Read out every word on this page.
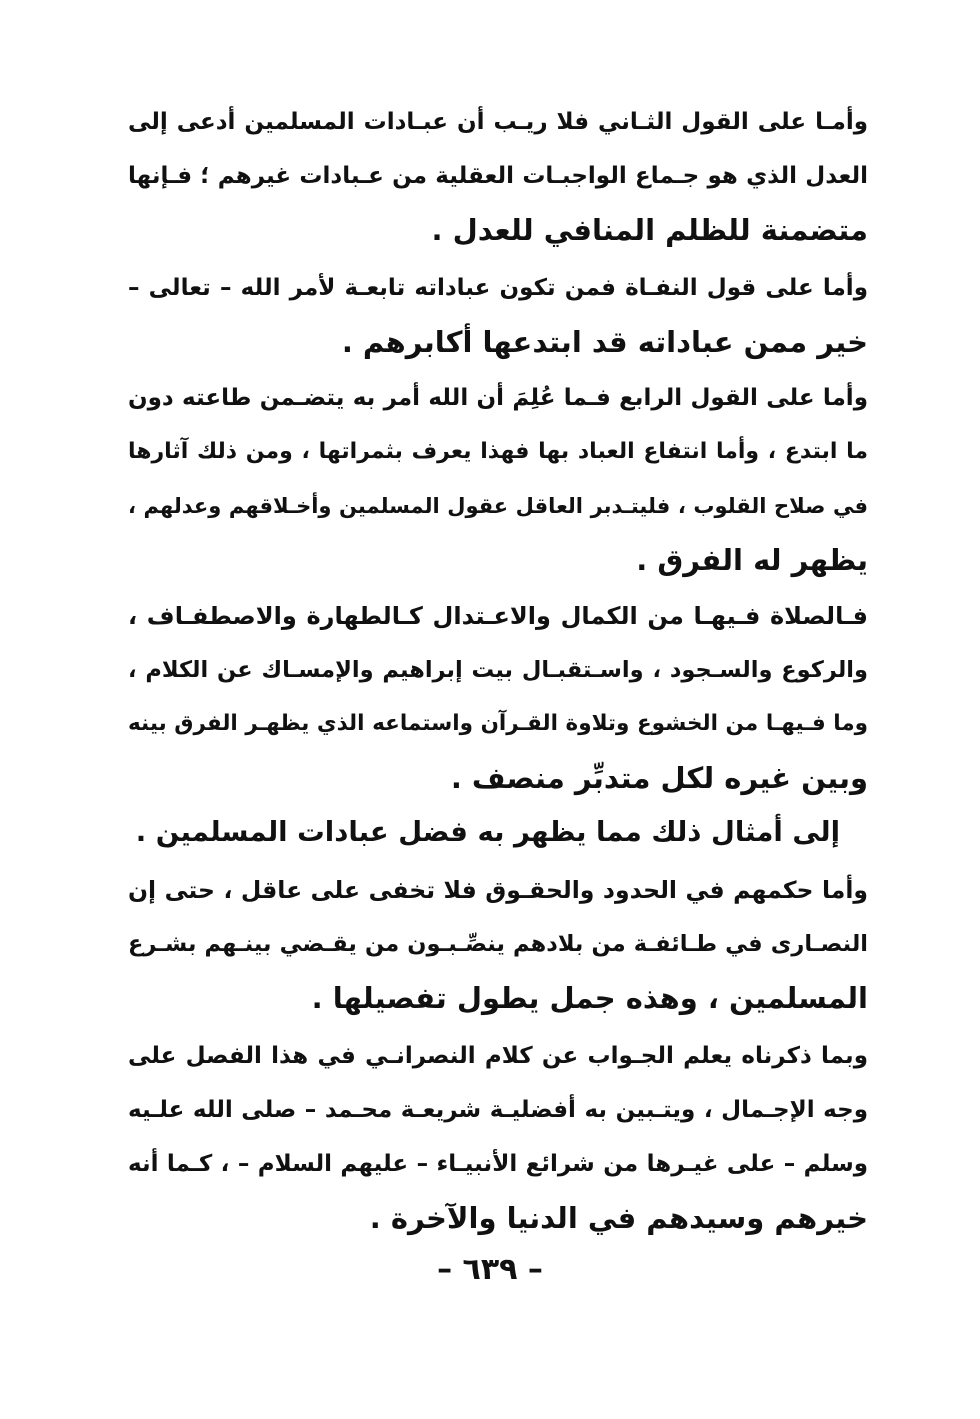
وأمـا على القول الثـاني فلا ريـب أن عبـادات المسلمين أدعى إلى
العدل الذي هو جـماع الواجبـات العقلية من عـبادات غيرهم ؛ فـإنها
متضمنة للظلم المنافي للعدل .
وأما على قول النفـاة فمن تكون عباداته تابعـة لأمر الله – تعالى –
خير ممن عباداته قد ابتدعها أكابرهم .
وأما على القول الرابع فـما عُلِمَ أن الله أمر به يتضـمن طاعته دون
ما ابتدع ، وأما انتفاع العباد بها فهذا يعرف بثمراتها ، ومن ذلك آثارها
في صلاح القلوب ، فليتـدبر العاقل عقول المسلمين وأخـلاقهم وعدلهم ،
يظهر له الفرق .
فـالصلاة فـيهـا من الكمال والاعـتدال كـالطهارة والاصطفـاف ،
والركوع والسـجود ، واسـتقبـال بيت إبراهيم والإمسـاك عن الكلام ،
وما فـيهـا من الخشوع وتلاوة القـرآن واستماعه الذي يظهـر الفرق بينه
وبين غيره لكل متدبِّر منصف .
إلى أمثال ذلك مما يظهر به فضل عبادات المسلمين .
وأما حكمهم في الحدود والحقـوق فلا تخفى على عاقل ، حتى إن
النصـارى في طـائفـة من بلادهم ينصِّـبـون من يقـضي بينـهم بشـرع
المسلمين ، وهذه جمل يطول تفصيلها .
وبما ذكرناه يعلم الجـواب عن كلام النصرانـي في هذا الفصل على
وجه الإجـمال ، ويتـبين به أفضليـة شريعـة محـمد – صلى الله علـيه
وسلم – على غيـرها من شرائع الأنبيـاء – عليهم السلام – ، كـما أنه
خيرهم وسيدهم في الدنيا والآخرة .
– ٦٣٩ –
